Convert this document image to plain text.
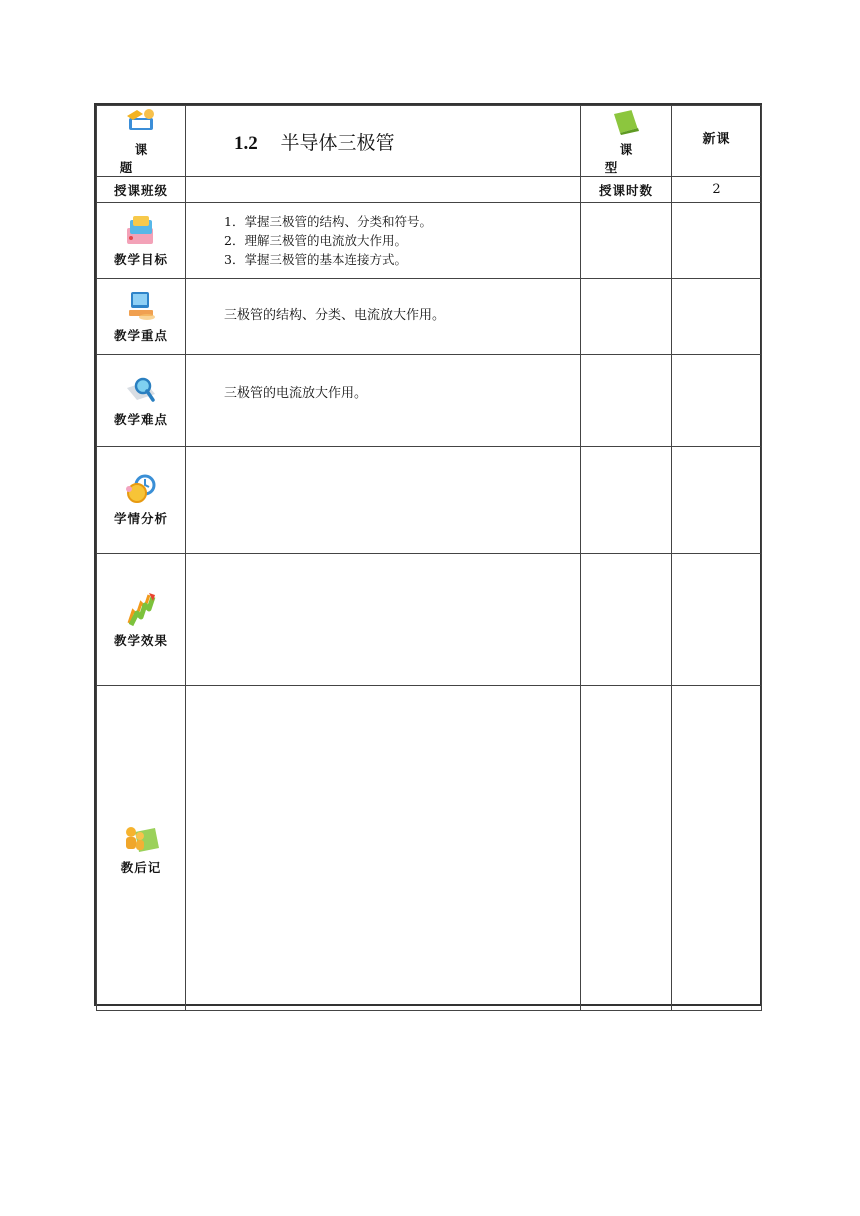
课　题	1.2 半导体三极管	课　型	新课
授课班级		授课时数	2

教学目标	1．掌握三极管的结构、分类和符号。
2．理解三极管的电流放大作用。
3．掌握三极管的基本连接方式。		

教学重点	三极管的结构、分类、电流放大作用。		

教学难点	三极管的电流放大作用。		

学情分析			

教学效果			

教后记			
